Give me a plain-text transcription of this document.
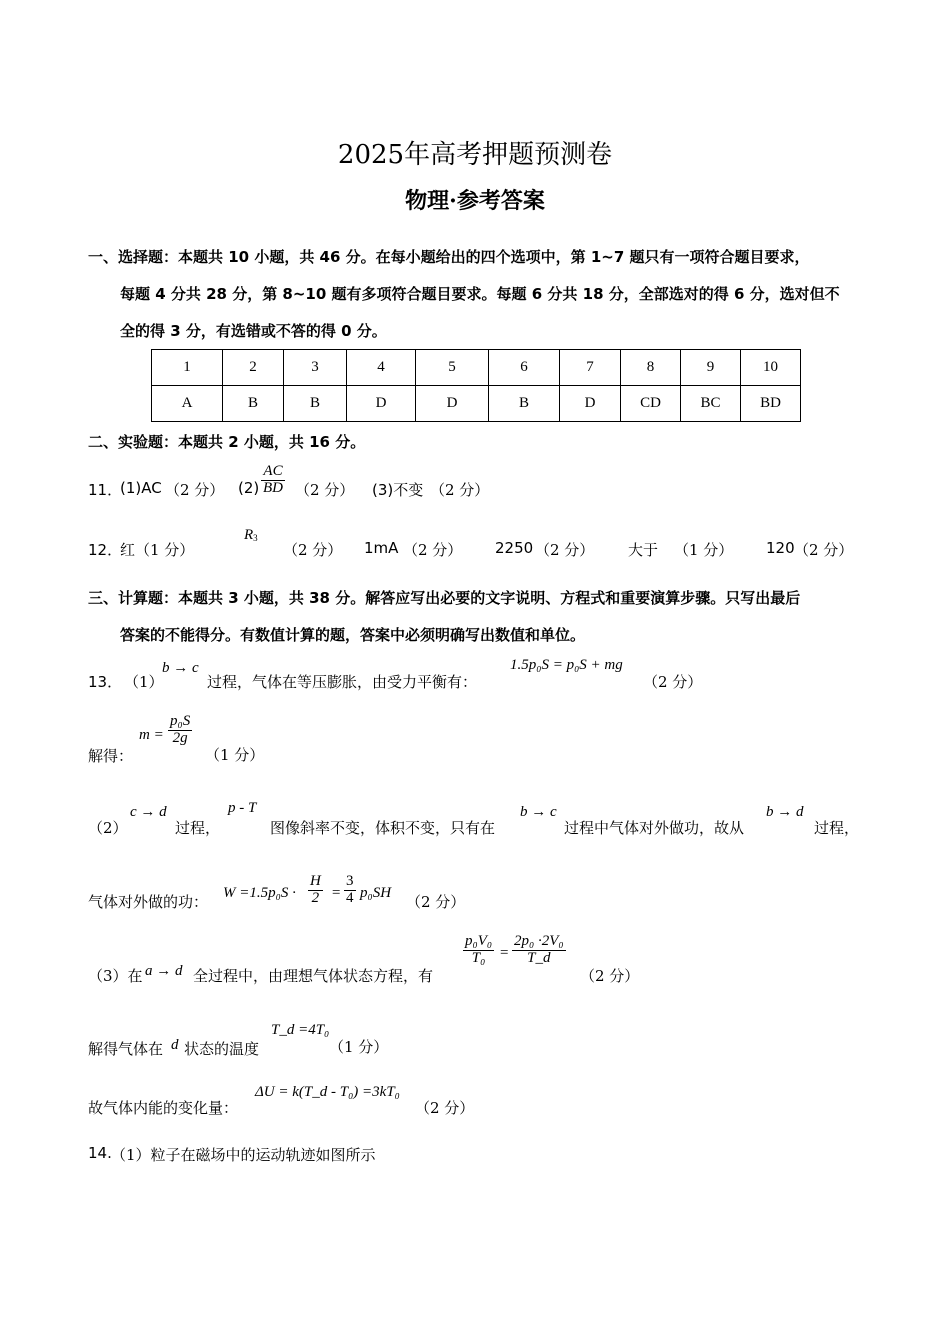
2025年高考押题预测卷
物理·参考答案
一、选择题：本题共 10 小题，共 46 分。在每小题给出的四个选项中，第 1~7 题只有一项符合题目要求，
每题 4 分共 28 分，第 8~10 题有多项符合题目要求。每题 6 分共 18 分，全部选对的得 6 分，选对但不
全的得 3 分，有选错或不答的得 0 分。
1	2	3	4	5	6	7	8	9	10
A	B	B	D	D	B	D	CD	BC	BD
二、实验题：本题共 2 小题，共 16 分。
11．
(1)AC （2 分） $(2) \frac{AC}{BD} (2$ 分） (3)不变 （2 分）
12．
红（1 分）
$R_3$
（2 分） 1mA （2 分） 2250 （2 分） 大于 （1 分） 120 （2 分）
三、计算题：本题共 3 小题，共 38 分。解答应写出必要的文字说明、方程式和重要演算步骤。只写出最后
答案的不能得分。有数值计算的题，答案中必须明确写出数值和单位。
13． （1）
b → c
过程，气体在等压膨胀，由受力平衡有：
1.5p₀S = p₀S + mg
（2 分）
解得：
$m = \frac{\text{p₀S}}{2g}$
（1 分）
（2）
c → d
过程，
p - T
图像斜率不变，体积不变，只有在
b → c
过程中气体对外做功，故从
b → d
过程，
气体对外做的功： $W =1.5p_0S \cdot \frac{H}{2} = \frac{3}{4} p_0SH$ （2 分）
（3）在 a → d 全过程中，由理想气体状态方程，有
$\frac{\text{p₀V₀}}{\text{T₀}} = \frac{\text{2p₀ ·2V₀}}{T\_d}$
（2 分）
解得气体在 d 状态的温度
T_d =4T₀
（1 分）
故气体内能的变化量：
ΔU = k(T_d - T₀) =3kT₀
（2 分）
14. （1）粒子在磁场中的运动轨迹如图所示
